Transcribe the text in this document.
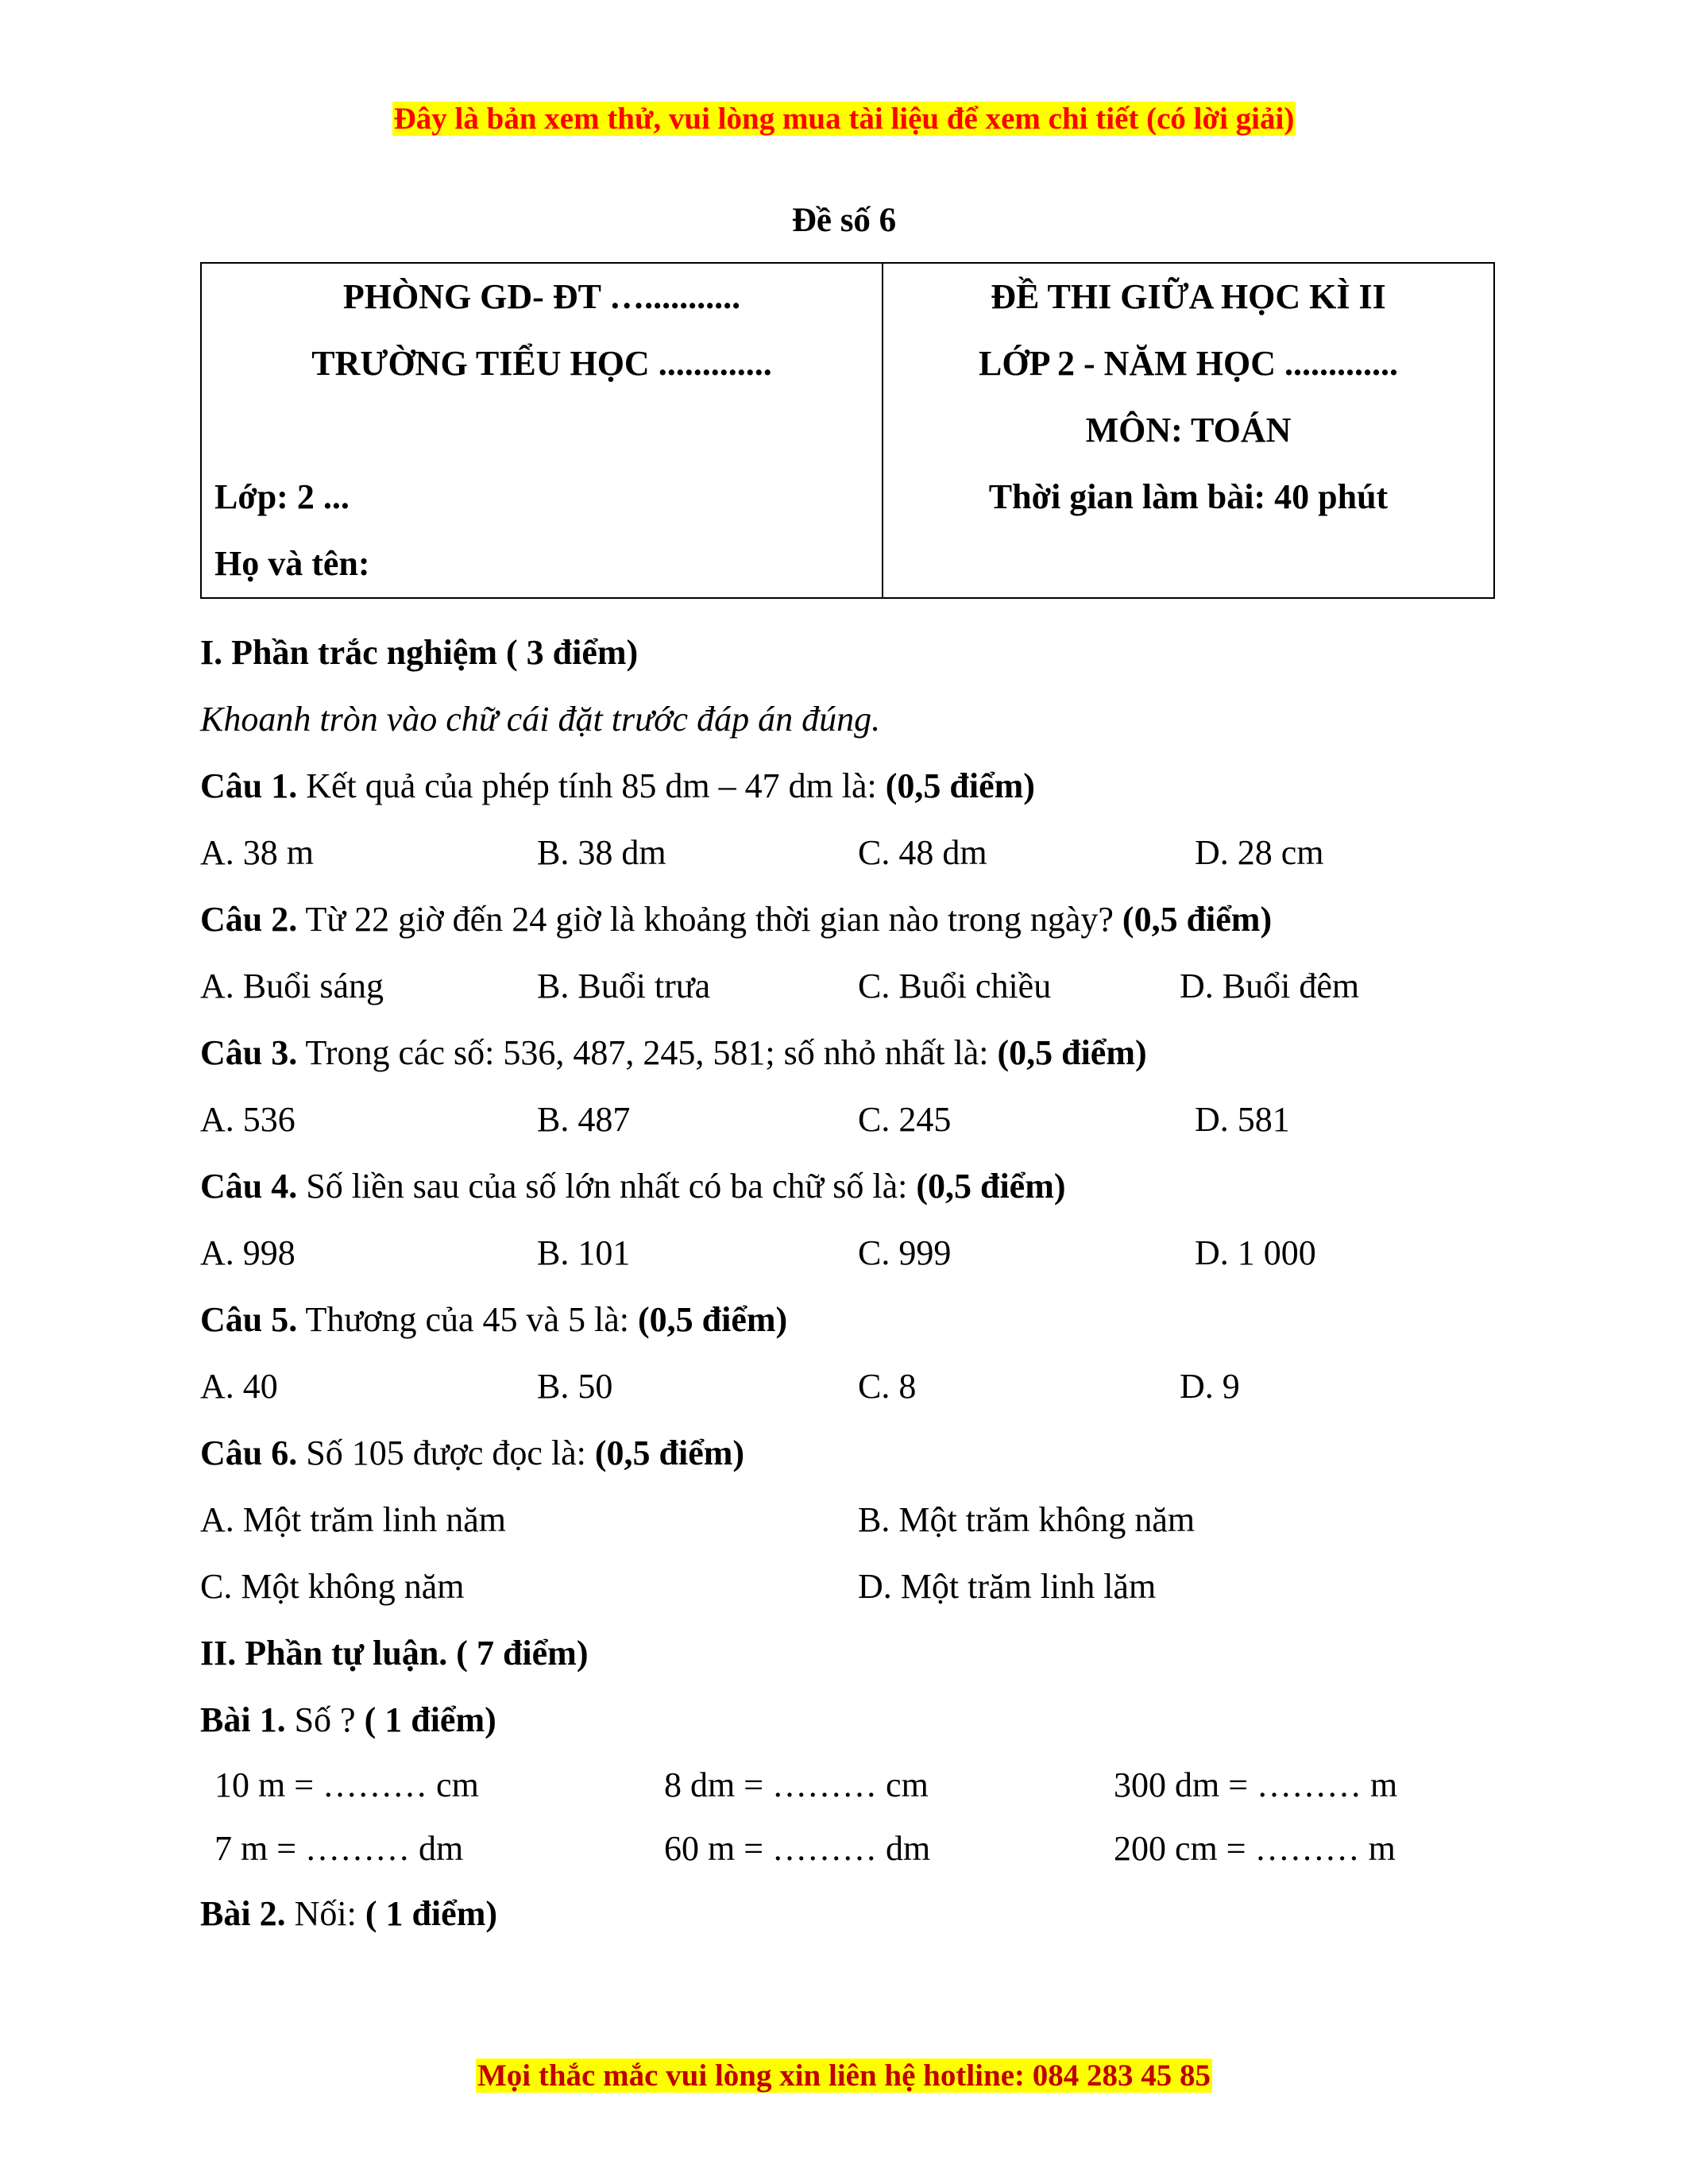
Đây là bản xem thử, vui lòng mua tài liệu để xem chi tiết (có lời giải)
Đề số 6
PHÒNG GD- ĐT …...........
TRƯỜNG TIỂU HỌC .............
Lớp: 2 ...
Họ và tên:

ĐỀ THI GIỮA HỌC KÌ II
LỚP 2 - NĂM HỌC .............
MÔN: TOÁN
Thời gian làm bài: 40 phút
I. Phần trắc nghiệm ( 3 điểm)
Khoanh tròn vào chữ cái đặt trước đáp án đúng.
Câu 1. Kết quả của phép tính 85 dm – 47 dm là: (0,5 điểm)
A. 38 m	B. 38 dm	C. 48 dm	D. 28 cm
Câu 2. Từ 22 giờ đến 24 giờ là khoảng thời gian nào trong ngày? (0,5 điểm)
A. Buổi sáng	B. Buổi trưa	C. Buổi chiều	D. Buổi đêm
Câu 3. Trong các số: 536, 487, 245, 581; số nhỏ nhất là: (0,5 điểm)
A. 536	B. 487	C. 245	D. 581
Câu 4. Số liền sau của số lớn nhất có ba chữ số là: (0,5 điểm)
A. 998	B. 101	C. 999	D. 1 000
Câu 5. Thương của 45 và 5 là: (0,5 điểm)
A. 40	B. 50	C. 8	D. 9
Câu 6. Số 105 được đọc là: (0,5 điểm)
A. Một trăm linh năm	B. Một trăm không năm
C. Một không năm	D. Một trăm linh lăm
II. Phần tự luận. ( 7 điểm)
Bài 1. Số ? ( 1 điểm)
10 m = ……… cm	8 dm = ……… cm	300 dm = ……… m
7 m = ……… dm	60 m = ……… dm	200 cm = ……… m
Bài 2. Nối: ( 1 điểm)
Mọi thắc mắc vui lòng xin liên hệ hotline: 084 283 45 85
